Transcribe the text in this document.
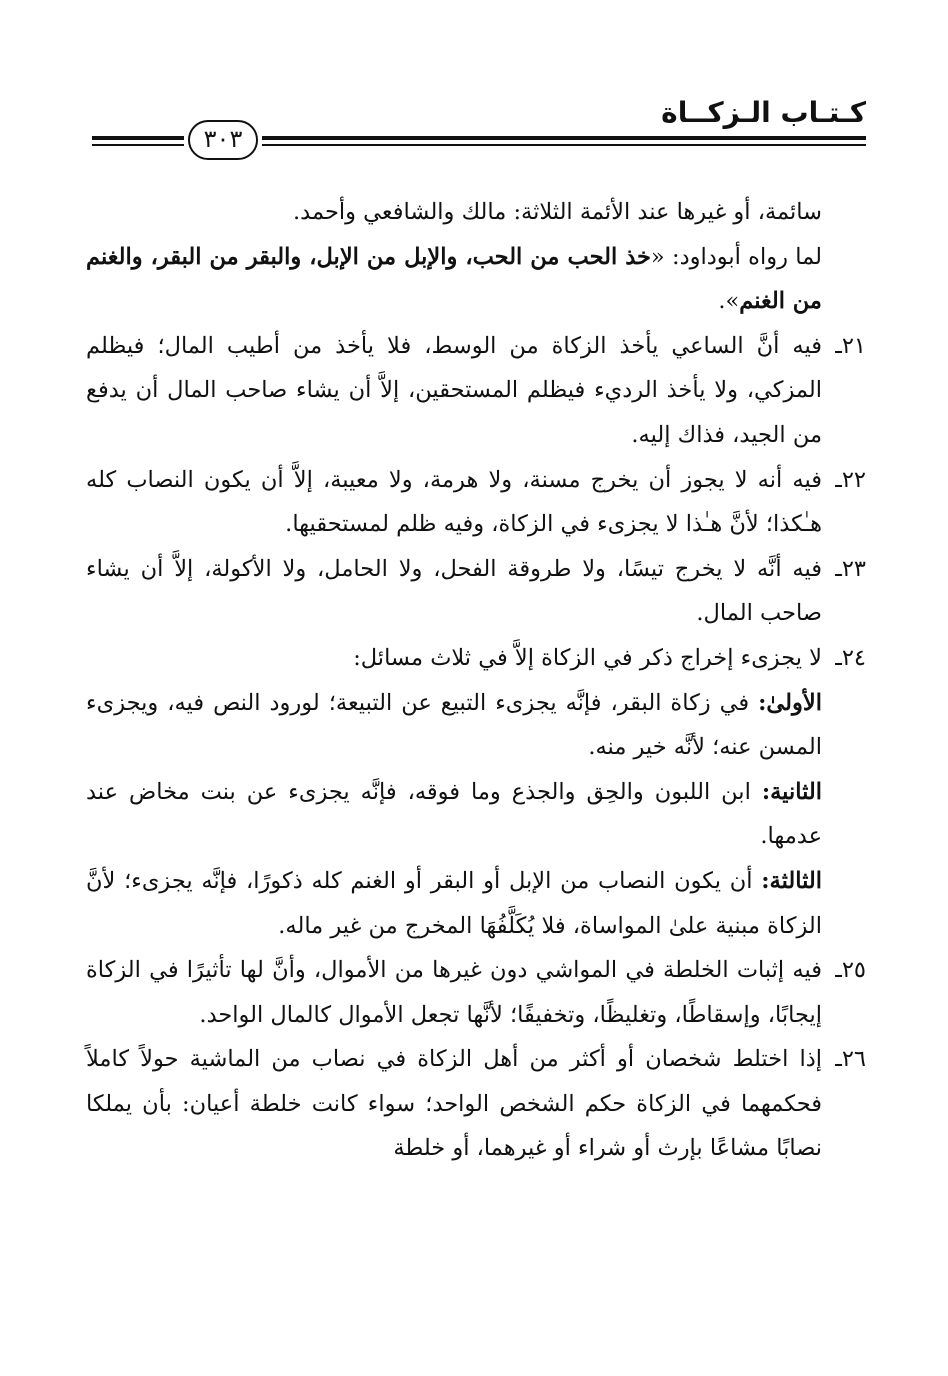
كـتـاب الـزكــاة
٣٠٣

سائمة، أو غيرها عند الأئمة الثلاثة: مالك والشافعي وأحمد.

لما رواه أبوداود: «خذ الحب من الحب، والإبل من الإبل، والبقر من البقر، والغنم من الغنم».

٢١ـ
فيه أنَّ الساعي يأخذ الزكاة من الوسط، فلا يأخذ من أطيب المال؛ فيظلم المزكي، ولا يأخذ الرديء فيظلم المستحقين، إلاَّ أن يشاء صاحب المال أن يدفع من الجيد، فذاك إليه.

٢٢ـ
فيه أنه لا يجوز أن يخرج مسنة، ولا هرمة، ولا معيبة، إلاَّ أن يكون النصاب كله هـٰكذا؛ لأنَّ هـٰذا لا يجزىء في الزكاة، وفيه ظلم لمستحقيها.

٢٣ـ
فيه أنَّه لا يخرج تيسًا، ولا طروقة الفحل، ولا الحامل، ولا الأكولة، إلاَّ أن يشاء صاحب المال.

٢٤ـ
لا يجزىء إخراج ذكر في الزكاة إلاَّ في ثلاث مسائل:

الأولىٰ: في زكاة البقر، فإنَّه يجزىء التبيع عن التبيعة؛ لورود النص فيه، ويجزىء المسن عنه؛ لأنَّه خير منه.

الثانية: ابن اللبون والحِق والجذع وما فوقه، فإنَّه يجزىء عن بنت مخاض عند عدمها.

الثالثة: أن يكون النصاب من الإبل أو البقر أو الغنم كله ذكورًا، فإنَّه يجزىء؛ لأنَّ الزكاة مبنية علىٰ المواساة، فلا يُكَلَّفُهَا المخرج من غير ماله.

٢٥ـ
فيه إثبات الخلطة في المواشي دون غيرها من الأموال، وأنَّ لها تأثيرًا في الزكاة إيجابًا، وإسقاطًا، وتغليظًا، وتخفيفًا؛ لأنَّها تجعل الأموال كالمال الواحد.

٢٦ـ
إذا اختلط شخصان أو أكثر من أهل الزكاة في نصاب من الماشية حولاً كاملاً فحكمهما في الزكاة حكم الشخص الواحد؛ سواء كانت خلطة أعيان: بأن يملكا نصابًا مشاعًا بإرث أو شراء أو غيرهما، أو خلطة
